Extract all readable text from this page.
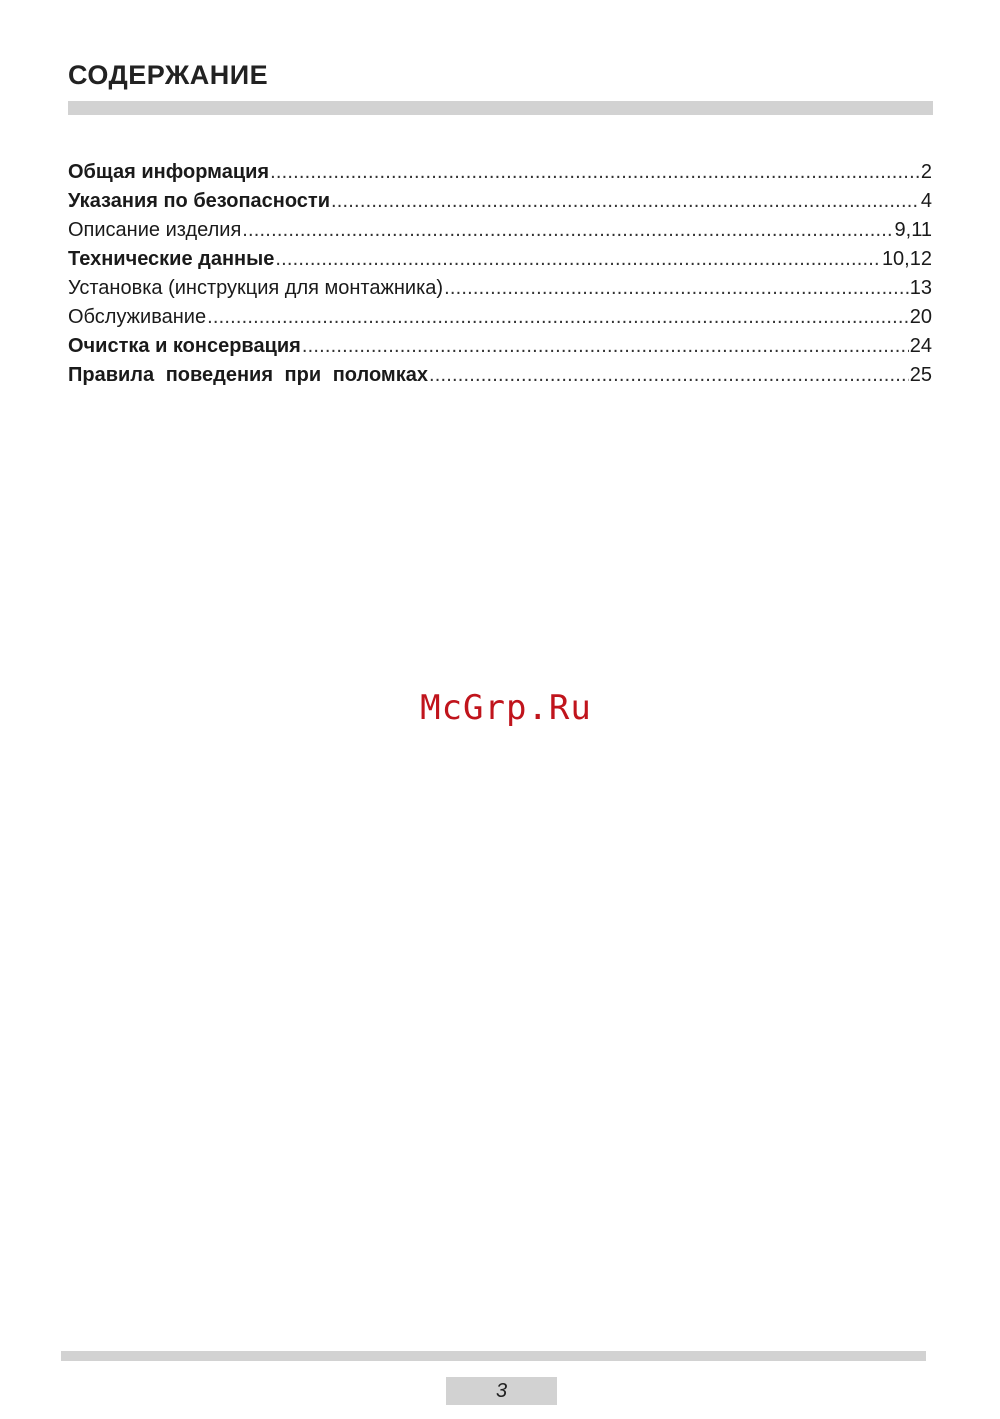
СОДЕРЖАНИЕ
Общая информация .....	2
Указания по безопасности .....	4
Описание изделия .....	9,11
Технические данные .....	10,12
Установка (инструкция для монтажника) .....	13
Обслуживание .....	20
Очистка и консервация .....	24
Правила поведения при поломках .....	25
McGrp.Ru
3
